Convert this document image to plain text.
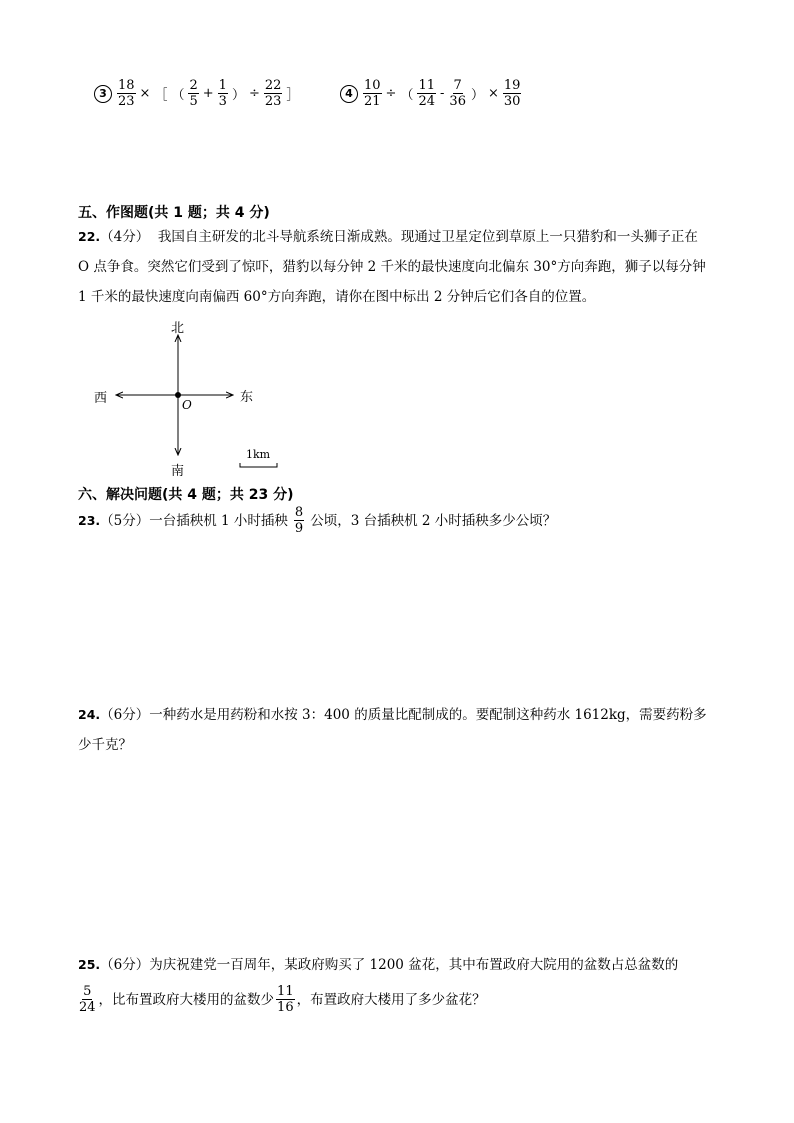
$3 \frac{18}{23}$ × ［ （ $\frac{2}{5} + \frac{1}{3}$ ） ÷ $\frac{22}{23}$ ］	$4 \frac{10}{21}$ ÷ （ $\frac{11}{24} - \frac{7}{36}$ ） × $\frac{19}{30}$
五、作图题(共 1 题；共 4 分)
22.（4分） 我国自主研发的北斗导航系统日渐成熟。现通过卫星定位到草原上一只猎豹和一头狮子正在
O 点争食。突然它们受到了惊吓，猎豹以每分钟 2 千米的最快速度向北偏东 30°方向奔跑，狮子以每分钟
1 千米的最快速度向南偏西 60°方向奔跑，请你在图中标出 2 分钟后它们各自的位置。
北
南
东
西	O
1km
六、解决问题(共 4 题；共 23 分)
23. （5分） 一台插秧机 1 小时插秧 $\frac{8}{9}$ 公顷，3 台插秧机 2 小时插秧多少公顷？
24.（6分）一种药水是用药粉和水按 3：400 的质量比配制成的。要配制这种药水 1612kg，需要药粉多
少千克？
25.（6分）为庆祝建党一百周年，某政府购买了 1200 盆花，其中布置政府大院用的盆数占总盆数的
$\frac{5}{24}$ ，比布置政府大楼用的盆数少 $\frac{11}{16}$ ，布置政府大楼用了多少盆花？
